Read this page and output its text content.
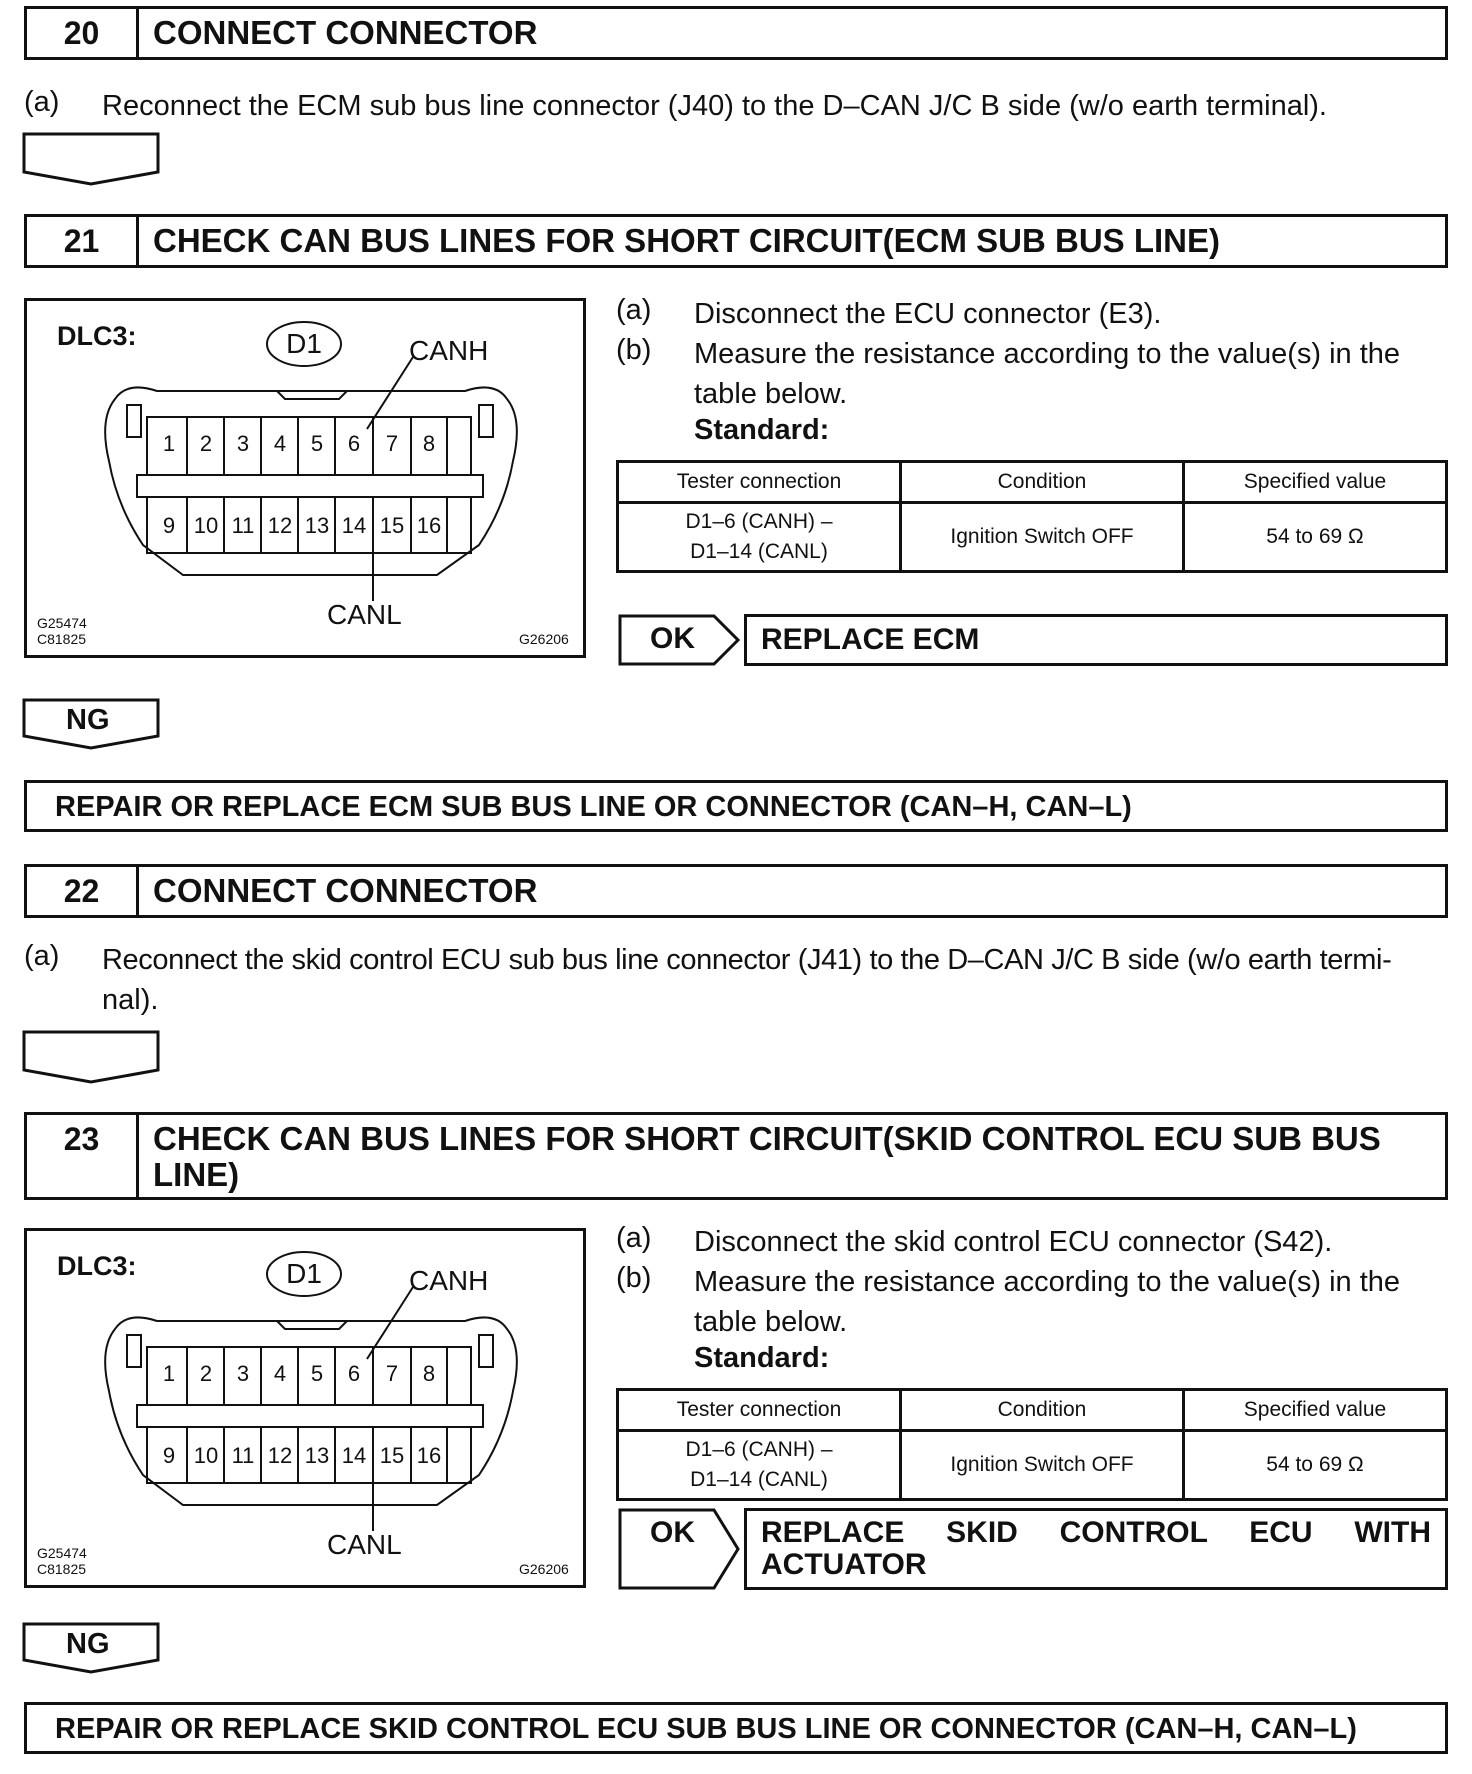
20	CONNECT CONNECTOR
(a) Reconnect the ECM sub bus line connector (J40) to the D–CAN J/C B side (w/o earth terminal).
21	CHECK CAN BUS LINES FOR SHORT CIRCUIT(ECM SUB BUS LINE)
DLC3:	D1	CANH
CANL
G25474
C81825	G26206
1	2	3	4	5	6	7	8
9 10 11 12 13 14 15 16
(a) Disconnect the ECU connector (E3).
(b) Measure the resistance according to the value(s) in the table below.
Standard:
Tester connection	Condition	Specified value

D1–6 (CANH) –
D1–14 (CANL)	Ignition Switch OFF	54 to 69 Ω
OK	REPLACE ECM
NG
REPAIR OR REPLACE ECM SUB BUS LINE OR CONNECTOR (CAN–H, CAN–L)
22	CONNECT CONNECTOR
(a) Reconnect the skid control ECU sub bus line connector (J41) to the D–CAN J/C B side (w/o earth termi-
nal).
23	CHECK CAN BUS LINES FOR SHORT CIRCUIT(SKID CONTROL ECU SUB BUS
LINE)
DLC3:	D1	CANH
CANL
G25474
C81825	G26206
1	2	3	4	5	6	7	8
9 10 11 12 13 14 15 16
(a) Disconnect the skid control ECU connector (S42).
(b) Measure the resistance according to the value(s) in the table below.
Standard:
Tester connection	Condition	Specified value

D1–6 (CANH) –
D1–14 (CANL)	Ignition Switch OFF	54 to 69 Ω
OK REPLACE SKID CONTROL ECU WITH
ACTUATOR
NG
REPAIR OR REPLACE SKID CONTROL ECU SUB BUS LINE OR CONNECTOR (CAN–H, CAN–L)
